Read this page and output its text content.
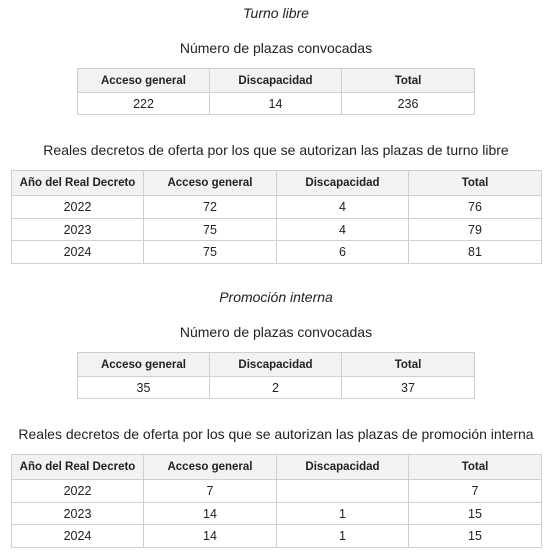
Turno libre
Número de plazas convocadas
Acceso general	Discapacidad	Total
222	14	236
Reales decretos de oferta por los que se autorizan las plazas de turno libre
Año del Real Decreto	Acceso general	Discapacidad	Total
2022	72	4	76
2023	75	4	79
2024	75	6	81
Promoción interna
Número de plazas convocadas
Acceso general	Discapacidad	Total
35	2	37
Reales decretos de oferta por los que se autorizan las plazas de promoción interna
Año del Real Decreto	Acceso general	Discapacidad	Total
2022	7		7
2023	14	1	15
2024	14	1	15
